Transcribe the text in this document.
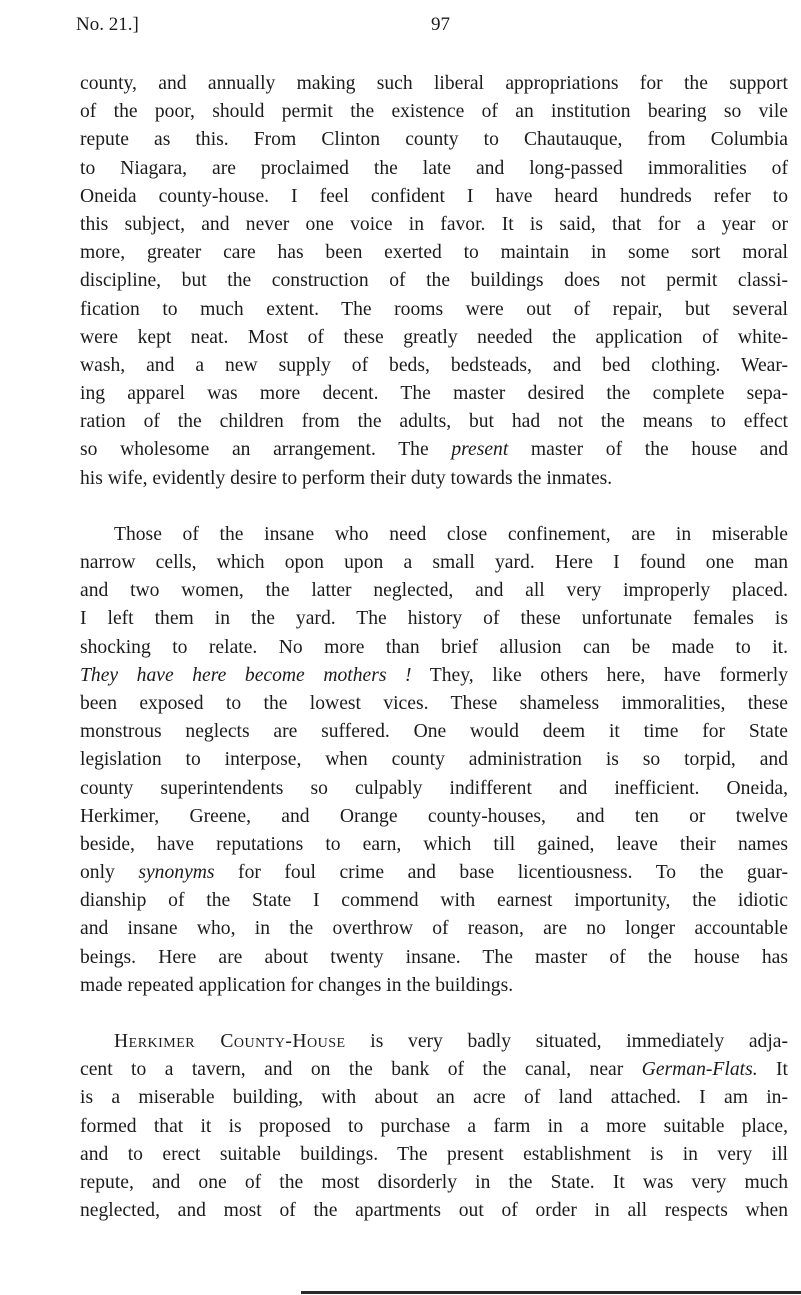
No. 21.]	97

county, and annually making such liberal appropriations for the support
of the poor, should permit the existence of an institution bearing so vile
repute as this. From Clinton county to Chautauque, from Columbia
to Niagara, are proclaimed the late and long-passed immoralities of
Oneida county-house. I feel confident I have heard hundreds refer to
this subject, and never one voice in favor. It is said, that for a year or
more, greater care has been exerted to maintain in some sort moral
discipline, but the construction of the buildings does not permit classi-
fication to much extent. The rooms were out of repair, but several
were kept neat. Most of these greatly needed the application of white-
wash, and a new supply of beds, bedsteads, and bed clothing. Wear-
ing apparel was more decent. The master desired the complete sepa-
ration of the children from the adults, but had not the means to effect
so wholesome an arrangement. The present master of the house and
his wife, evidently desire to perform their duty towards the inmates.

Those of the insane who need close confinement, are in miserable
narrow cells, which opon upon a small yard. Here I found one man
and two women, the latter neglected, and all very improperly placed.
I left them in the yard. The history of these unfortunate females is
shocking to relate. No more than brief allusion can be made to it.
They have here become mothers ! They, like others here, have formerly
been exposed to the lowest vices. These shameless immoralities, these
monstrous neglects are suffered. One would deem it time for State
legislation to interpose, when county administration is so torpid, and
county superintendents so culpably indifferent and inefficient. Oneida,
Herkimer, Greene, and Orange county-houses, and ten or twelve
beside, have reputations to earn, which till gained, leave their names
only synonyms for foul crime and base licentiousness. To the guar-
dianship of the State I commend with earnest importunity, the idiotic
and insane who, in the overthrow of reason, are no longer accountable
beings. Here are about twenty insane. The master of the house has
made repeated application for changes in the buildings.

Herkimer County-House is very badly situated, immediately adja-
cent to a tavern, and on the bank of the canal, near German-Flats. It
is a miserable building, with about an acre of land attached. I am in-
formed that it is proposed to purchase a farm in a more suitable place,
and to erect suitable buildings. The present establishment is in very ill
repute, and one of the most disorderly in the State. It was very much
neglected, and most of the apartments out of order in all respects when
